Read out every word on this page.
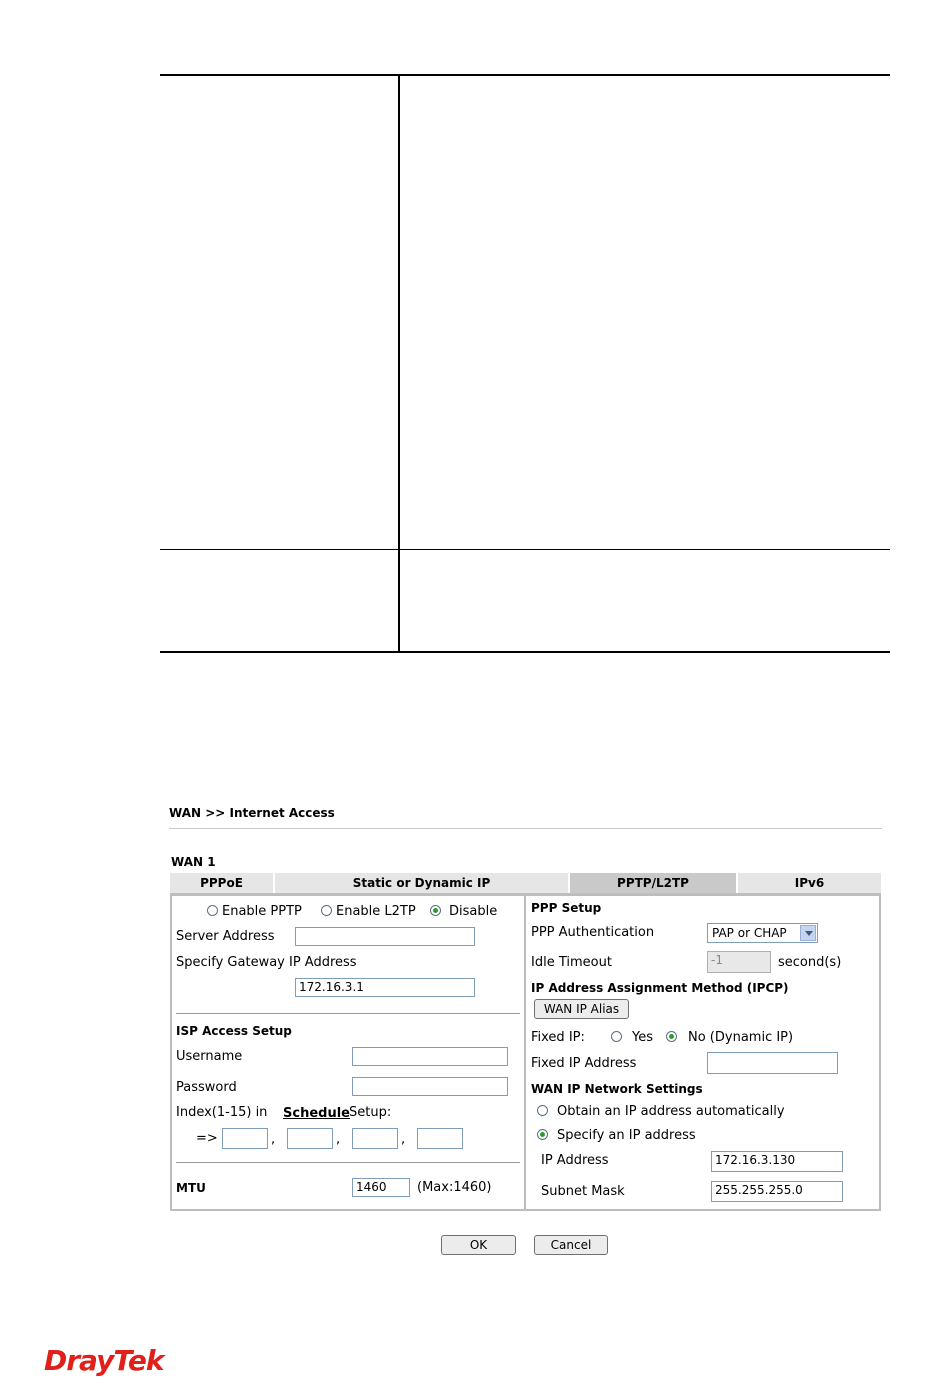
WAN >> Internet Access
WAN 1
PPPoE	Static or Dynamic IP	PPTP/L2TP	IPv6
Enable PPTP	Enable L2TP	Disable
Server Address
Specify Gateway IP Address
172.16.3.1
ISP Access Setup
Username
Password
Index(1-15) in Schedule Setup:
=>	,	,	,
MTU	1460	(Max:1460)
PPP Setup
PPP Authentication	PAP or CHAP
Idle Timeout	-1	second(s)
IP Address Assignment Method (IPCP)
WAN IP Alias
Fixed IP:	Yes	No (Dynamic IP)
Fixed IP Address
WAN IP Network Settings
Obtain an IP address automatically
Specify an IP address
IP Address	172.16.3.130
Subnet Mask	255.255.255.0
OK	Cancel
DrayTek
